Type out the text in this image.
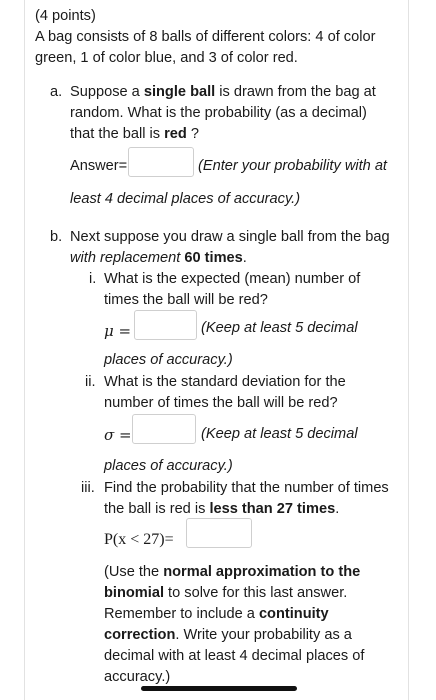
(4 points)
A bag consists of 8 balls of different colors: 4 of color
green, 1 of color blue, and 3 of color red.
a. Suppose a single ball is drawn from the bag at
random. What is the probability (as a decimal)
that the ball is red ?
Answer=	(Enter your probability with at
least 4 decimal places of accuracy.)
b. Next suppose you draw a single ball from the bag
with replacement 60 times.
i. What is the expected (mean) number of
times the ball will be red?
μ =	(Keep at least 5 decimal
places of accuracy.)
ii. What is the standard deviation for the
number of times the ball will be red?
σ =	(Keep at least 5 decimal
places of accuracy.)
iii. Find the probability that the number of times
the ball is red is less than 27 times.
P(x < 27)=
(Use the normal approximation to the
binomial to solve for this last answer.
Remember to include a continuity
correction. Write your probability as a
decimal with at least 4 decimal places of
accuracy.)
